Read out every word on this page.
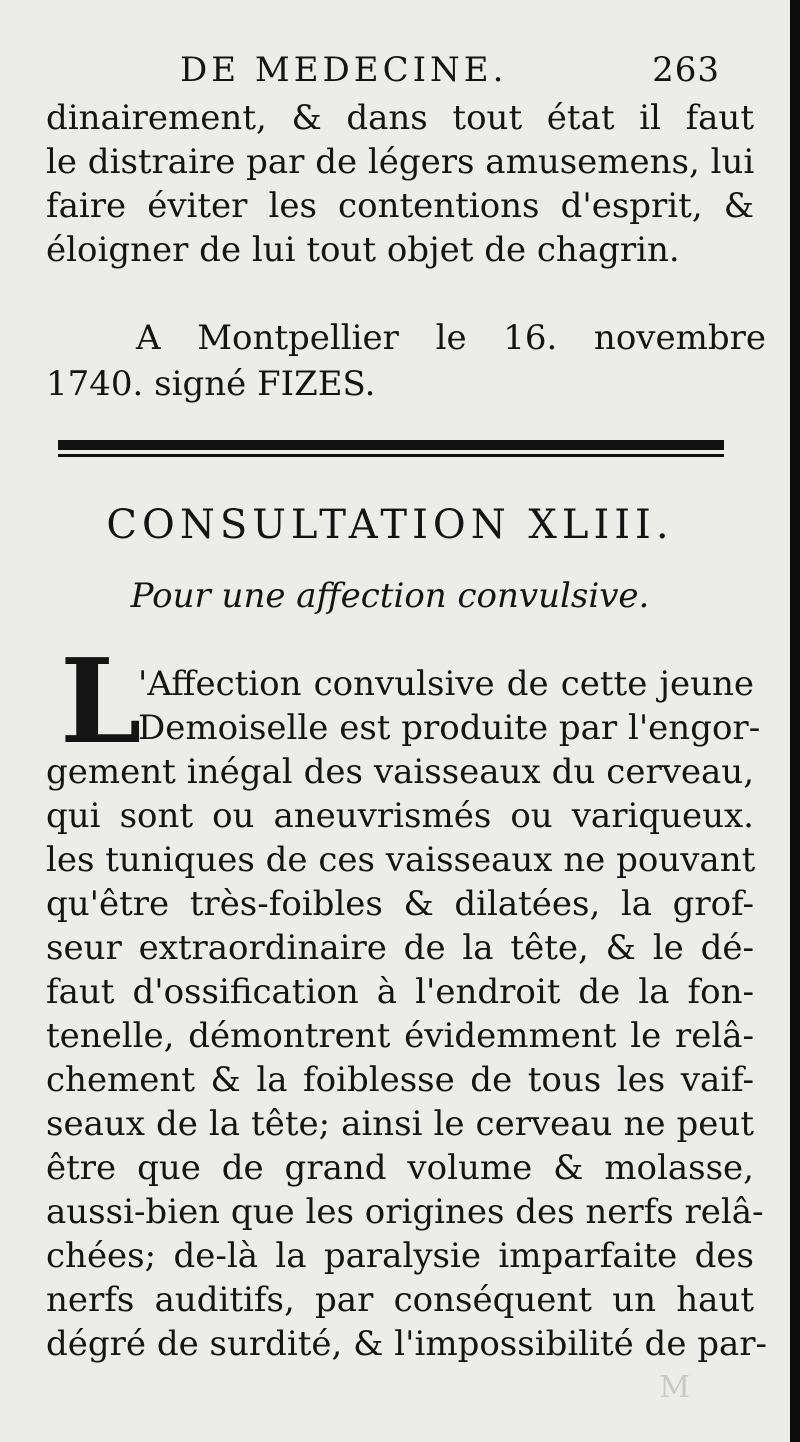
DE MEDECINE.	263
dinairement, & dans tout état il faut
le distraire par de légers amusemens, lui
faire éviter les contentions d'esprit, &
éloigner de lui tout objet de chagrin.
A Montpellier le 16. novembre
1740. signé FIZES.
CONSULTATION XLIII.
Pour une affection convulsive.
L
'Affection convulsive de cette jeune
Demoiselle est produite par l'engor-
gement inégal des vaisseaux du cerveau,
qui sont ou aneuvrismés ou variqueux.
les tuniques de ces vaisseaux ne pouvant
qu'être très-foibles & dilatées, la grof-
seur extraordinaire de la tête, & le dé-
faut d'ossification à l'endroit de la fon-
tenelle, démontrent évidemment le relâ-
chement & la foiblesse de tous les vaif-
seaux de la tête; ainsi le cerveau ne peut
être que de grand volume & molasse,
aussi-bien que les origines des nerfs relâ-
chées; de-là la paralysie imparfaite des
nerfs auditifs, par conséquent un haut
dégré de surdité, & l'impossibilité de par-
M
